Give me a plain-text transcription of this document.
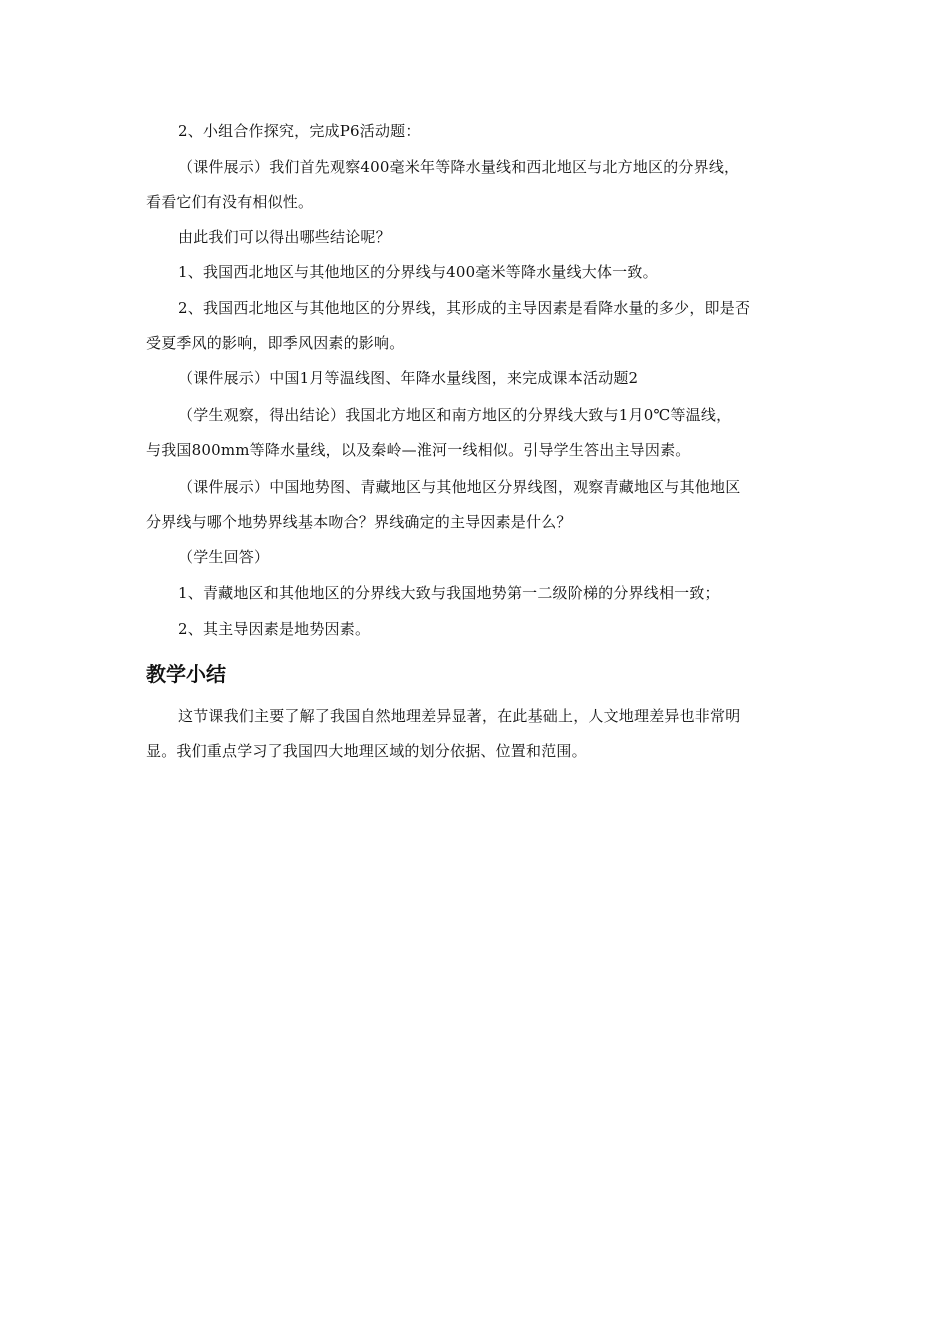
2、小组合作探究，完成P6活动题：
（课件展示）我们首先观察400毫米年等降水量线和西北地区与北方地区的分界线，
看看它们有没有相似性。
由此我们可以得出哪些结论呢？
1、我国西北地区与其他地区的分界线与400毫米等降水量线大体一致。
2、我国西北地区与其他地区的分界线，其形成的主导因素是看降水量的多少，即是否
受夏季风的影响，即季风因素的影响。
（课件展示）中国1月等温线图、年降水量线图，来完成课本活动题2
（学生观察，得出结论）我国北方地区和南方地区的分界线大致与1月0℃等温线，
与我国800mm等降水量线，以及秦岭—淮河一线相似。引导学生答出主导因素。
（课件展示）中国地势图、青藏地区与其他地区分界线图，观察青藏地区与其他地区
分界线与哪个地势界线基本吻合？界线确定的主导因素是什么？
（学生回答）
1、青藏地区和其他地区的分界线大致与我国地势第一二级阶梯的分界线相一致；
2、其主导因素是地势因素。
教学小结
这节课我们主要了解了我国自然地理差异显著，在此基础上，人文地理差异也非常明
显。我们重点学习了我国四大地理区域的划分依据、位置和范围。
